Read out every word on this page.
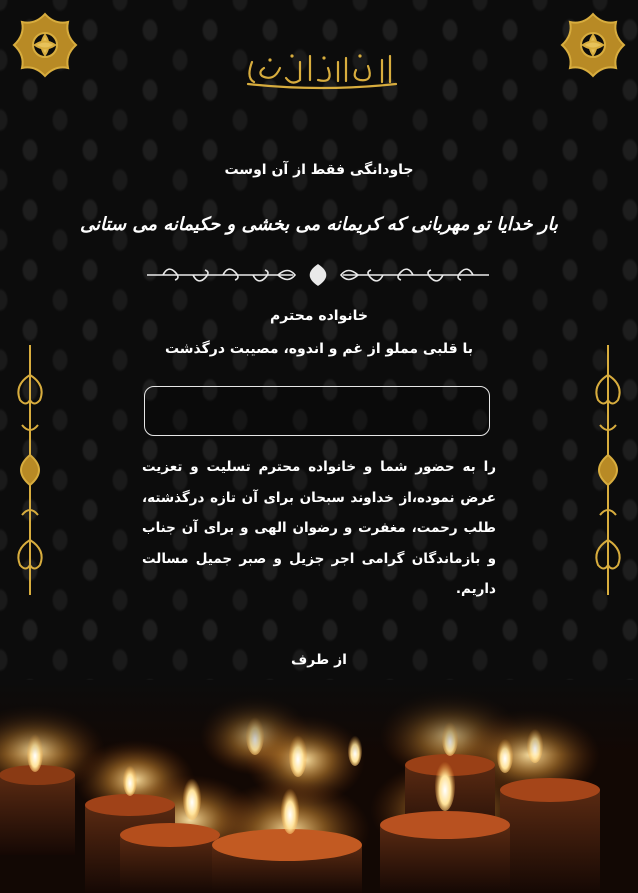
جاودانگی فقط از آن اوست
بار خدایا تو مهربانی که کریمانه می بخشی و حکیمانه می ستانی
خانواده محترم
با قلبی مملو از غم و اندوه، مصیبت درگذشت

را به حضور شما و خانواده محترم تسلیت و تعزیت عرض نموده،از خداوند سبحان برای آن تازه درگذشته، طلب رحمت، مغفرت و رضوان الهی و برای آن جناب و بازماندگان گرامی اجر جزیل و صبر جمیل مسالت داریم.

از طرف
